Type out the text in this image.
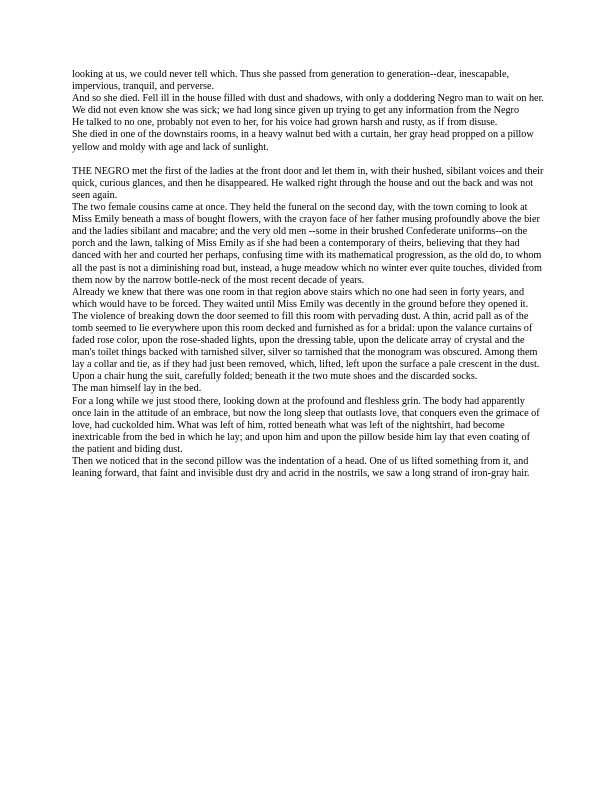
looking at us, we could never tell which. Thus she passed from generation to generation--dear, inescapable, impervious, tranquil, and perverse.

And so she died. Fell ill in the house filled with dust and shadows, with only a doddering Negro man to wait on her. We did not even know she was sick; we had long since given up trying to get any information from the Negro

He talked to no one, probably not even to her, for his voice had grown harsh and rusty, as if from disuse.

She died in one of the downstairs rooms, in a heavy walnut bed with a curtain, her gray head propped on a pillow yellow and moldy with age and lack of sunlight.

THE NEGRO met the first of the ladies at the front door and let them in, with their hushed, sibilant voices and their quick, curious glances, and then he disappeared. He walked right through the house and out the back and was not seen again.

The two female cousins came at once. They held the funeral on the second day, with the town coming to look at Miss Emily beneath a mass of bought flowers, with the crayon face of her father musing profoundly above the bier and the ladies sibilant and macabre; and the very old men --some in their brushed Confederate uniforms--on the porch and the lawn, talking of Miss Emily as if she had been a contemporary of theirs, believing that they had danced with her and courted her perhaps, confusing time with its mathematical progression, as the old do, to whom all the past is not a diminishing road but, instead, a huge meadow which no winter ever quite touches, divided from them now by the narrow bottle-neck of the most recent decade of years.

Already we knew that there was one room in that region above stairs which no one had seen in forty years, and which would have to be forced. They waited until Miss Emily was decently in the ground before they opened it.

The violence of breaking down the door seemed to fill this room with pervading dust. A thin, acrid pall as of the tomb seemed to lie everywhere upon this room decked and furnished as for a bridal: upon the valance curtains of faded rose color, upon the rose-shaded lights, upon the dressing table, upon the delicate array of crystal and the man's toilet things backed with tarnished silver, silver so tarnished that the monogram was obscured. Among them lay a collar and tie, as if they had just been removed, which, lifted, left upon the surface a pale crescent in the dust. Upon a chair hung the suit, carefully folded; beneath it the two mute shoes and the discarded socks.

The man himself lay in the bed.

For a long while we just stood there, looking down at the profound and fleshless grin. The body had apparently once lain in the attitude of an embrace, but now the long sleep that outlasts love, that conquers even the grimace of love, had cuckolded him. What was left of him, rotted beneath what was left of the nightshirt, had become inextricable from the bed in which he lay; and upon him and upon the pillow beside him lay that even coating of the patient and biding dust.

Then we noticed that in the second pillow was the indentation of a head. One of us lifted something from it, and leaning forward, that faint and invisible dust dry and acrid in the nostrils, we saw a long strand of iron-gray hair.
